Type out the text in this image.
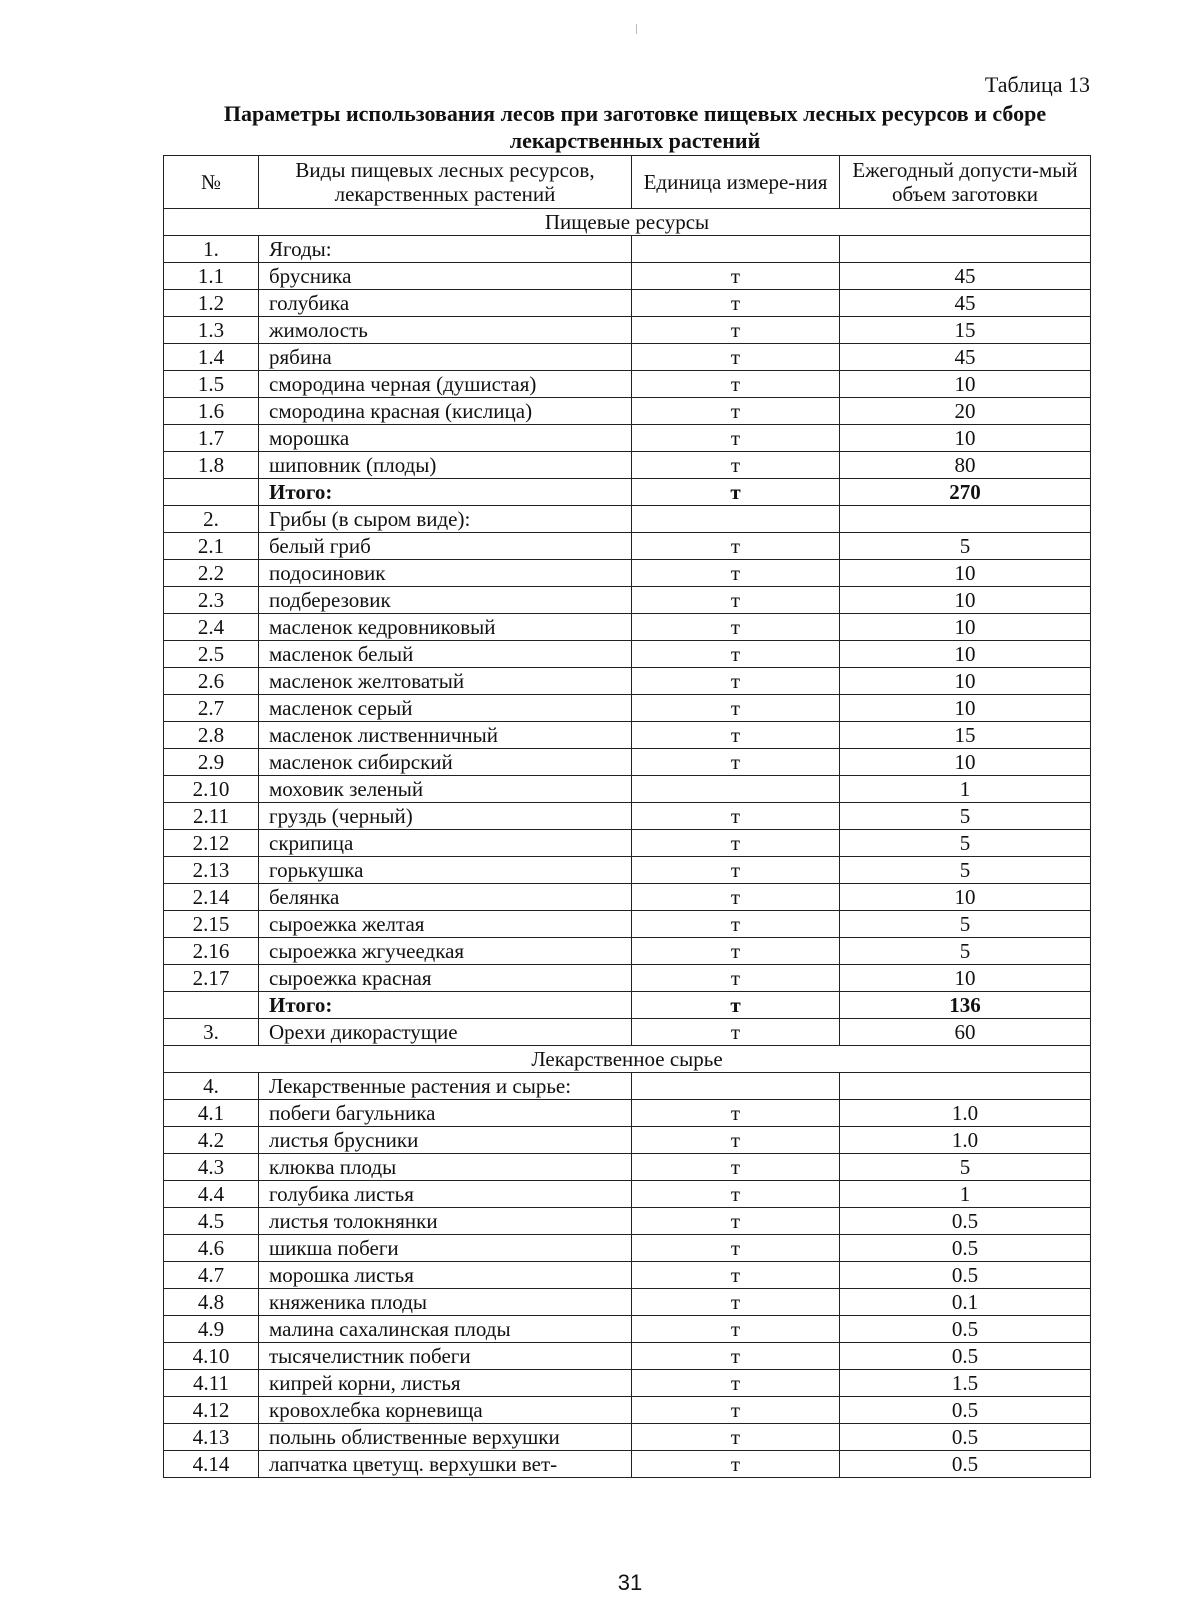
Таблица 13
Параметры использования лесов при заготовке пищевых лесных ресурсов и сборе
лекарственных растений
№	Виды пищевых лесных ресурсов, лекарственных растений	Единица измере-ния	Ежегодный допусти-мый объем заготовки
Пищевые ресурсы			
1.	Ягоды:		
1.1	брусника	т	45
1.2	голубика	т	45
1.3	жимолость	т	15
1.4	рябина	т	45
1.5	смородина черная (душистая)	т	10
1.6	смородина красная (кислица)	т	20
1.7	морошка	т	10
1.8	шиповник (плоды)	т	80
	Итого:	т	270
2.	Грибы (в сыром виде):		
2.1	белый гриб	т	5
2.2	подосиновик	т	10
2.3	подберезовик	т	10
2.4	масленок кедровниковый	т	10
2.5	масленок белый	т	10
2.6	масленок желтоватый	т	10
2.7	масленок серый	т	10
2.8	масленок лиственничный	т	15
2.9	масленок сибирский	т	10
2.10	моховик зеленый		1
2.11	груздь (черный)	т	5
2.12	скрипица	т	5
2.13	горькушка	т	5
2.14	белянка	т	10
2.15	сыроежка желтая	т	5
2.16	сыроежка жгучеедкая	т	5
2.17	сыроежка красная	т	10
	Итого:	т	136
3.	Орехи дикорастущие	т	60
Лекарственное сырье			
4.	Лекарственные растения и сырье:		
4.1	побеги багульника	т	1.0
4.2	листья брусники	т	1.0
4.3	клюква плоды	т	5
4.4	голубика листья	т	1
4.5	листья толокнянки	т	0.5
4.6	шикша побеги	т	0.5
4.7	морошка листья	т	0.5
4.8	княженика плоды	т	0.1
4.9	малина сахалинская плоды	т	0.5
4.10	тысячелистник побеги	т	0.5
4.11	кипрей корни, листья	т	1.5
4.12	кровохлебка корневища	т	0.5
4.13	полынь облиственные верхушки	т	0.5
4.14	лапчатка цветущ. верхушки вет-	т	0.5
31
